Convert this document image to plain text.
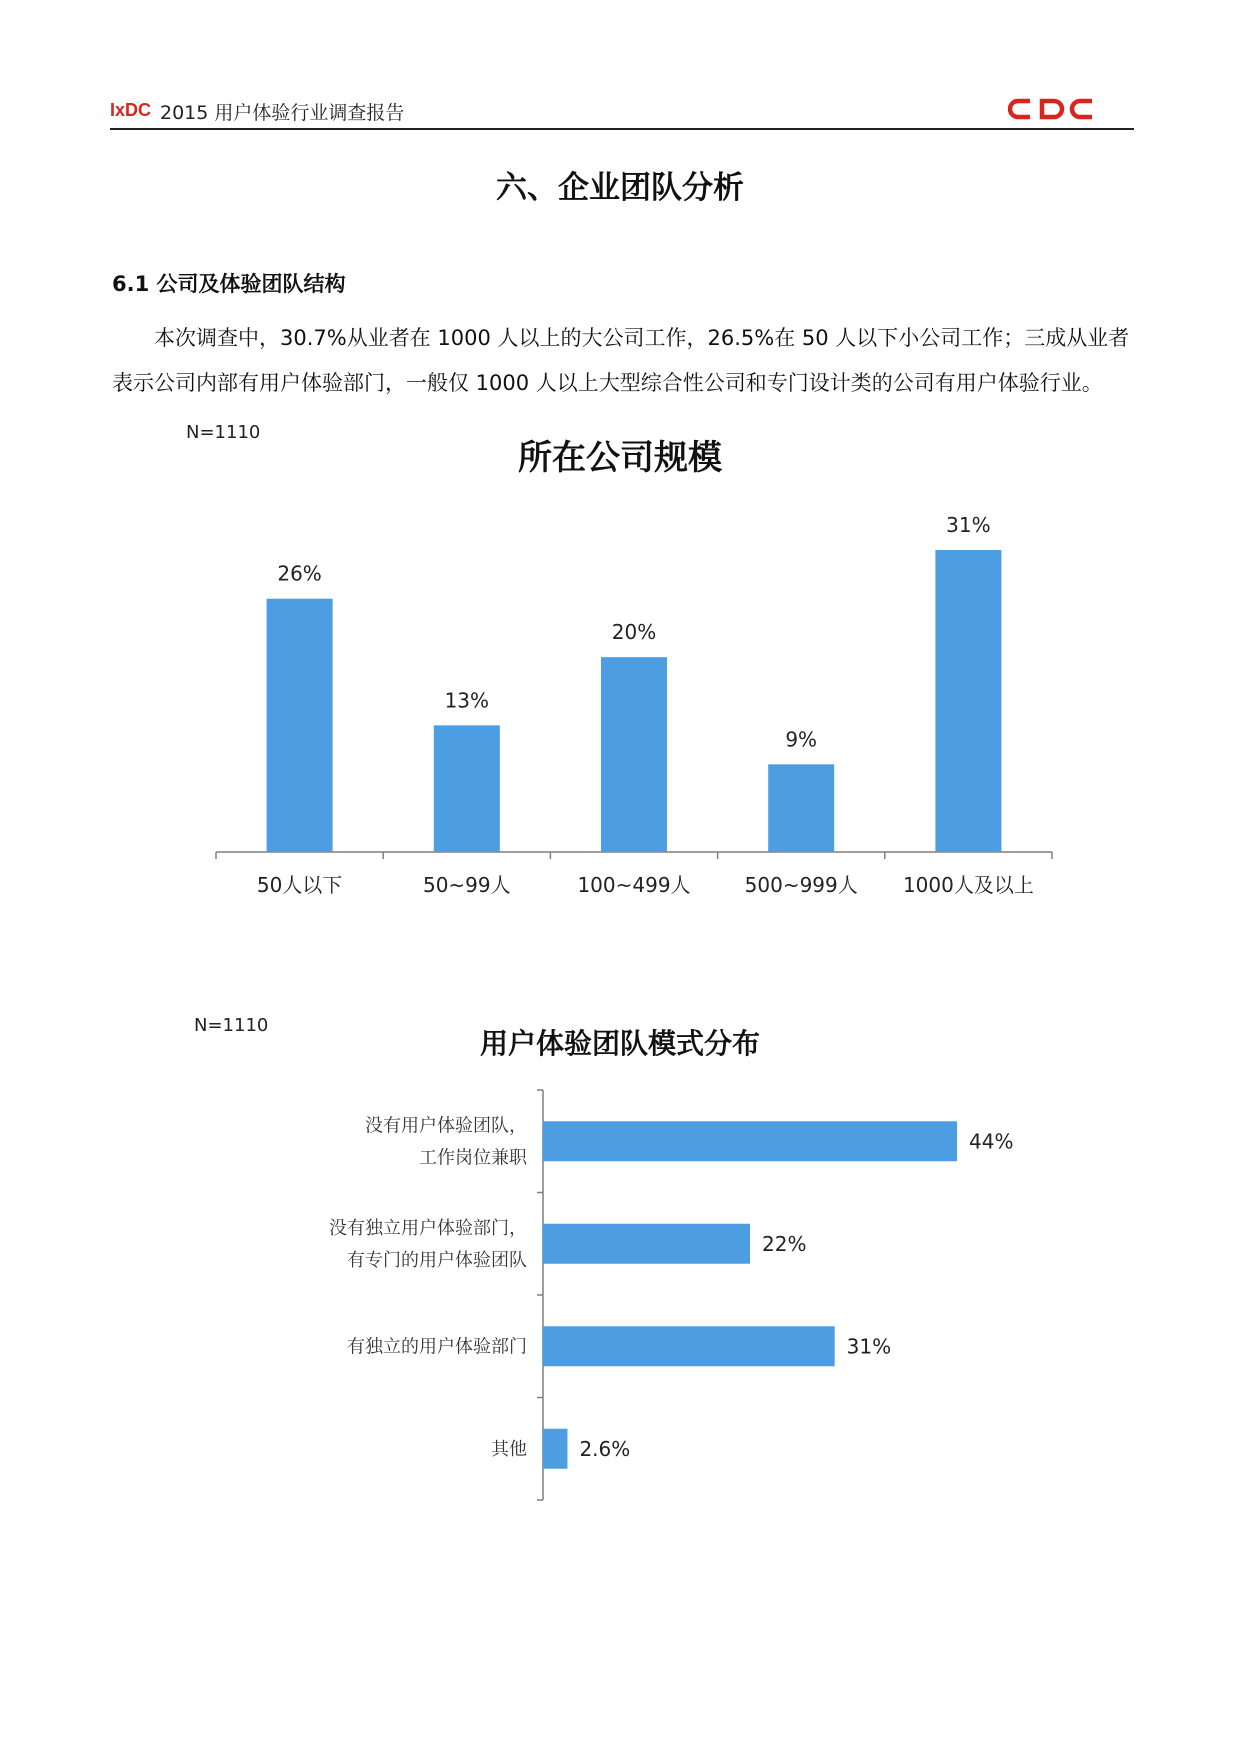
IxDC 2015 用户体验行业调查报告
六、企业团队分析
6.1 公司及体验团队结构
本次调查中，30.7%从业者在 1000 人以上的大公司工作，26.5%在 50 人以下小公司工作；三成从业者表示公司内部有用户体验部门，一般仅 1000 人以上大型综合性公司和专门设计类的公司有用户体验行业。
N=1110
所在公司规模
26%
50人以下
13%
50~99人
20%
100~499人
9%
500~999人
31%
1000人及以上
N=1110
用户体验团队模式分布
44%
没有用户体验团队，
工作岗位兼职
22%
没有独立用户体验部门，
有专门的用户体验团队
31%
有独立的用户体验部门
2.6%
其他
